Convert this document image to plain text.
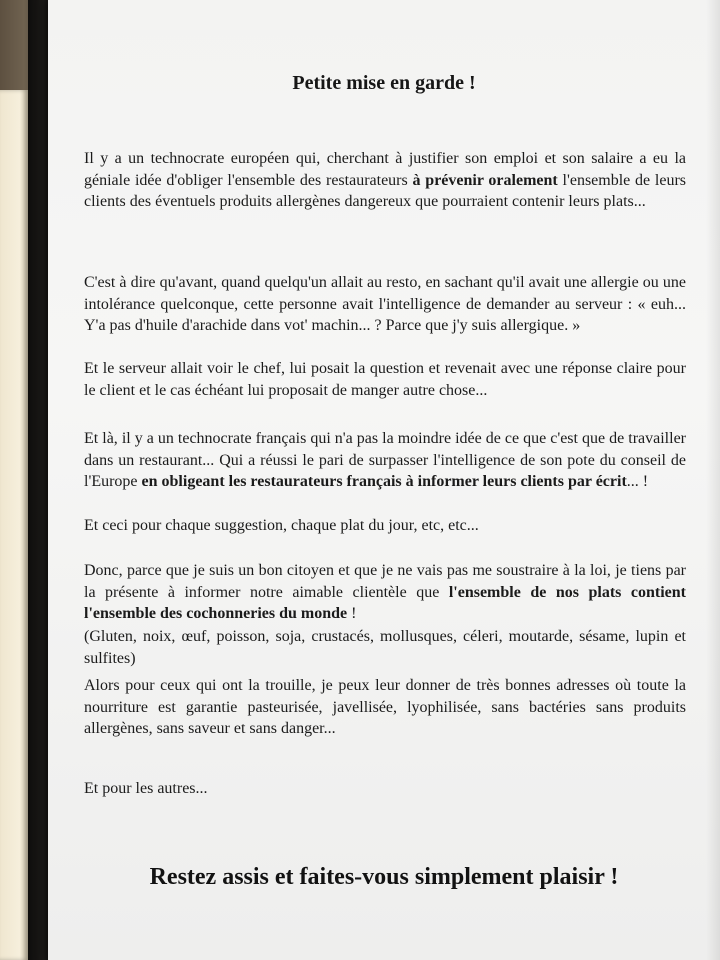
Petite mise en garde !

Il y a un technocrate européen qui, cherchant à justifier son emploi et son salaire a eu la géniale idée d'obliger l'ensemble des restaurateurs à prévenir oralement l'ensemble de leurs clients des éventuels produits allergènes dangereux que pourraient contenir leurs plats...

C'est à dire qu'avant, quand quelqu'un allait au resto, en sachant qu'il avait une allergie ou une intolérance quelconque, cette personne avait l'intelligence de demander au serveur : « euh... Y'a pas d'huile d'arachide dans vot' machin... ? Parce que j'y suis allergique. »

Et le serveur allait voir le chef, lui posait la question et revenait avec une réponse claire pour le client et le cas échéant lui proposait de manger autre chose...

Et là, il y a un technocrate français qui n'a pas la moindre idée de ce que c'est que de travailler dans un restaurant... Qui a réussi le pari de surpasser l'intelligence de son pote du conseil de l'Europe en obligeant les restaurateurs français à informer leurs clients par écrit... !

Et ceci pour chaque suggestion, chaque plat du jour, etc, etc...

Donc, parce que je suis un bon citoyen et que je ne vais pas me soustraire à la loi, je tiens par la présente à informer notre aimable clientèle que l'ensemble de nos plats contient l'ensemble des cochonneries du monde !

(Gluten, noix, œuf, poisson, soja, crustacés, mollusques, céleri, moutarde, sésame, lupin et sulfites)

Alors pour ceux qui ont la trouille, je peux leur donner de très bonnes adresses où toute la nourriture est garantie pasteurisée, javellisée, lyophilisée, sans bactéries sans produits allergènes, sans saveur et sans danger...

Et pour les autres...

Restez assis et faites-vous simplement plaisir !
